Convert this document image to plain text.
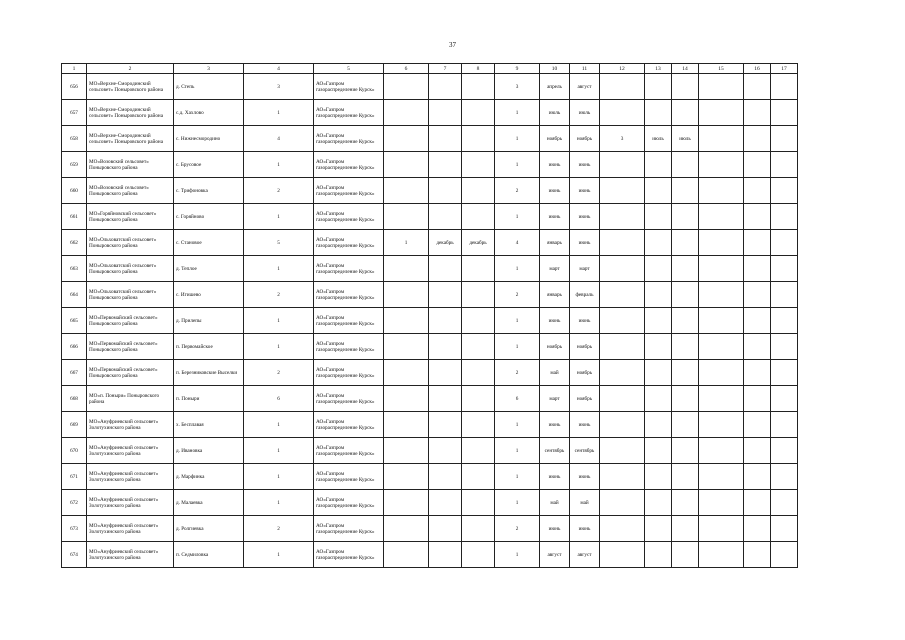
37
1	2	3	4	5	6	7	8	9	10	11	12	13	14	15	16	17
656	МО«Верхне-Смородинский сельсовет» Поныровского района	д. Степь	3	АО«Газпром газораспределение Курск»				3	апрель	август						
657	МО«Верхне-Смородинский сельсовет» Поныровского района	с.д. Хахлово	1	АО«Газпром газораспределение Курск»				1	июль	июль						
658	МО«Верхне-Смородинский сельсовет» Поныровского района	с. Нижнесмородино	4	АО«Газпром газораспределение Курск»				1	ноябрь	ноябрь	3	июль	июль			
659	МО«Возовский сельсовет» Поныровского района	с. Брусовое	1	АО«Газпром газораспределение Курск»				1	июнь	июнь						
660	МО«Возовский сельсовет» Поныровского района	с. Трифоновка	2	АО«Газпром газораспределение Курск»				2	июнь	июнь						
661	МО«Горяйновский сельсовет» Поныровского района	с. Горяйново	1	АО«Газпром газораспределение Курск»				1	июнь	июнь						
662	МО«Ольховатский сельсовет» Поныровского района	с. Становое	5	АО«Газпром газораспределение Курск»	1	декабрь	декабрь	4	январь	июнь						
663	МО«Ольховатский сельсовет» Поныровского района	д. Теплое	1	АО«Газпром газораспределение Курск»				1	март	март						
664	МО«Ольховатский сельсовет» Поныровского района	с. Игишево	2	АО«Газпром газораспределение Курск»				2	январь	февраль						
665	МО«Первомайский сельсовет» Поныровского района	д. Прилепы	1	АО«Газпром газораспределение Курск»				1	июнь	июнь						
666	МО«Первомайский сельсовет» Поныровского района	п. Первомайское	1	АО«Газпром газораспределение Курск»				1	ноябрь	ноябрь						
667	МО«Первомайский сельсовет» Поныровского района	п. Березниковские Выселки	2	АО«Газпром газораспределение Курск»				2	май	ноябрь						
668	МО«п. Поныри» Поныровского района	п. Поныри	6	АО«Газпром газораспределение Курск»				6	март	ноябрь						
669	МО«Ануфриевский сельсовет» Золотухинского района	х. Бесплавая	1	АО«Газпром газораспределение Курск»				1	июнь	июнь						
670	МО«Ануфриевский сельсовет» Золотухинского района	д. Ивановка	1	АО«Газпром газораспределение Курск»				1	сентябрь	сентябрь						
671	МО«Ануфриевский сельсовет» Золотухинского района	д. Марфинка	1	АО«Газпром газораспределение Курск»				1	июнь	июнь						
672	МО«Ануфриевский сельсовет» Золотухинского района	д. Малаевка	1	АО«Газпром газораспределение Курск»				1	май	май						
673	МО«Ануфриевский сельсовет» Золотухинского района	д. Ролгиевка	2	АО«Газпром газораспределение Курск»				2	июнь	июнь						
674	МО«Ануфриевский сельсовет» Золотухинского района	п. Седмиловка	1	АО«Газпром газораспределение Курск»				1	август	август						
